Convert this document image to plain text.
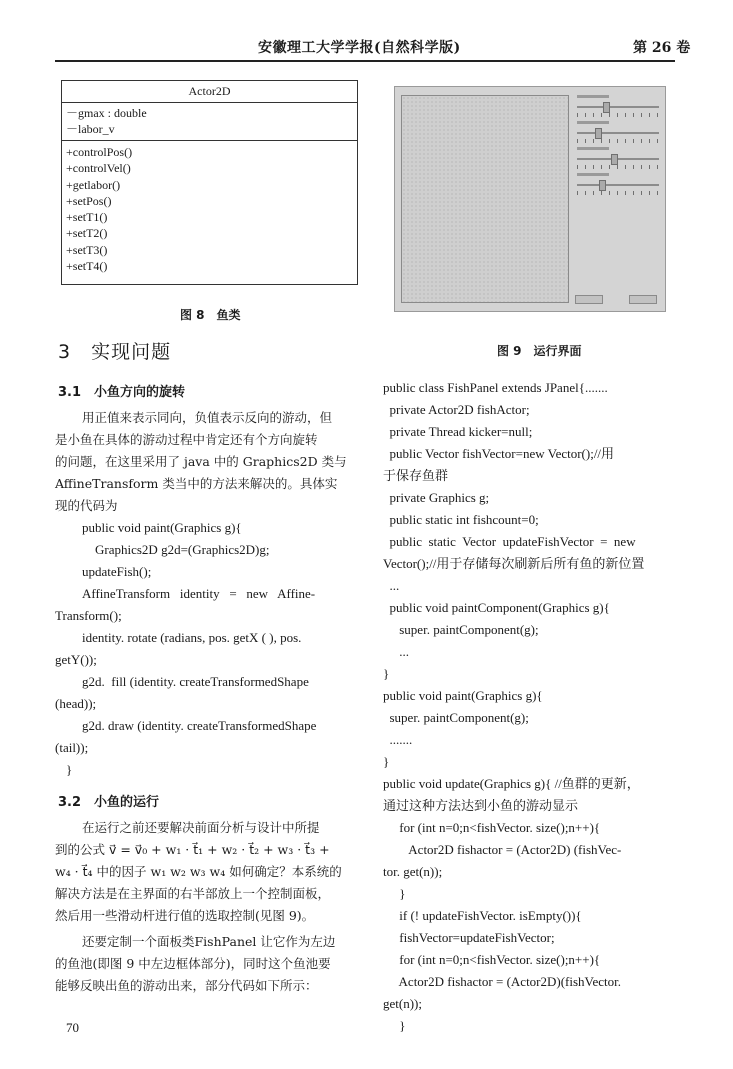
安徽理工大学学报(自然科学版)	第 26 卷
Actor2D
－gmax : double
－labor_v
+controlPos()
+controlVel()
+getlabor()
+setPos()
+setT1()
+setT2()
+setT3()
+setT4()
图 8　鱼类
图 9　运行界面
3　实现问题
3.1　小鱼方向的旋转
用正值来表示同向，负值表示反向的游动，但
是小鱼在具体的游动过程中肯定还有个方向旋转
的问题，在这里采用了 java 中的 Graphics2D 类与
AffineTransform 类当中的方法来解决的。具体实
现的代码为
public void paint(Graphics g){
Graphics2D g2d=(Graphics2D)g;
updateFish();
AffineTransform   identity   =   new   Affine-
Transform();
identity. rotate (radians, pos. getX ( ), pos.
getY());
g2d.  fill (identity. createTransformedShape
(head));
g2d. draw (identity. createTransformedShape
(tail));
}
3.2　小鱼的运行
在运行之前还要解决前面分析与设计中所提
到的公式 v⃗ = v⃗₀ + w₁ · t⃗₁ + w₂ · t⃗₂ + w₃ · t⃗₃ +
w₄ · t⃗₄ 中的因子 w₁ w₂ w₃ w₄ 如何确定？本系统的
解决方法是在主界面的右半部放上一个控制面板，
然后用一些滑动杆进行值的选取控制(见图 9)。
还要定制一个面板类FishPanel 让它作为左边
的鱼池(即图 9 中左边框体部分)，同时这个鱼池要
能够反映出鱼的游动出来，部分代码如下所示：
public class FishPanel extends JPanel{.......
private Actor2D fishActor;
private Thread kicker=null;
public Vector fishVector=new Vector();//用
于保存鱼群
private Graphics g;
public static int fishcount=0;
public  static  Vector  updateFishVector  =  new
Vector();//用于存储每次刷新后所有鱼的新位置
...
public void paintComponent(Graphics g){
super. paintComponent(g);
...
}
public void paint(Graphics g){
super. paintComponent(g);
.......
}
public void update(Graphics g){ //鱼群的更新，
通过这种方法达到小鱼的游动显示
for (int n=0;n<fishVector. size();n++){
Actor2D fishactor = (Actor2D) (fishVec-
tor. get(n));
}
if (! updateFishVector. isEmpty()){
fishVector=updateFishVector;
for (int n=0;n<fishVector. size();n++){
Actor2D fishactor = (Actor2D)(fishVector.
get(n));
}
70
